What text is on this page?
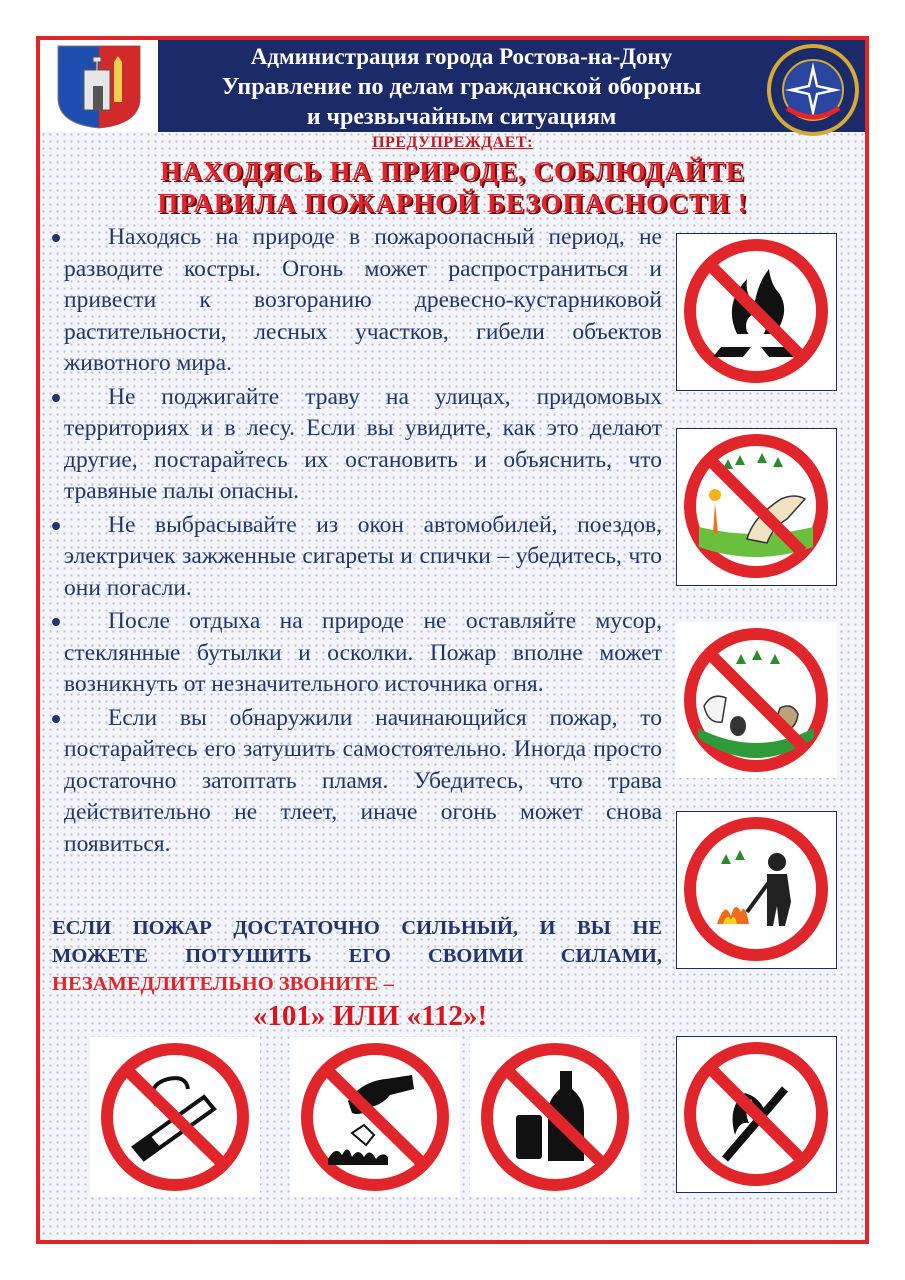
Администрация города Ростова-на-Дону
Управление по делам гражданской обороны
и чрезвычайным ситуациям
ПРЕДУПРЕЖДАЕТ:
НАХОДЯСЬ НА ПРИРОДЕ, СОБЛЮДАЙТЕ
ПРАВИЛА ПОЖАРНОЙ БЕЗОПАСНОСТИ !

Находясь на природе в пожароопасный период, не разводите костры. Огонь может распространиться и привести к возгоранию древесно-кустарниковой растительности, лесных участков, гибели объектов животного мира.

Не поджигайте траву на улицах, придомовых территориях и в лесу. Если вы увидите, как это делают другие, постарайтесь их остановить и объяснить, что травяные палы опасны.

Не выбрасывайте из окон автомобилей, поездов, электричек зажженные сигареты и спички – убедитесь, что они погасли.

После отдыха на природе не оставляйте мусор, стеклянные бутылки и осколки. Пожар вполне может возникнуть от незначительного источника огня.

Если вы обнаружили начинающийся пожар, то постарайтесь его затушить самостоятельно. Иногда просто достаточно затоптать пламя. Убедитесь, что трава действительно не тлеет, иначе огонь может снова появиться.

ЕСЛИ ПОЖАР ДОСТАТОЧНО СИЛЬНЫЙ, И ВЫ НЕ МОЖЕТЕ ПОТУШИТЬ ЕГО СВОИМИ СИЛАМИ, НЕЗАМЕДЛИТЕЛЬНО ЗВОНИТЕ –
«101» ИЛИ «112»!
